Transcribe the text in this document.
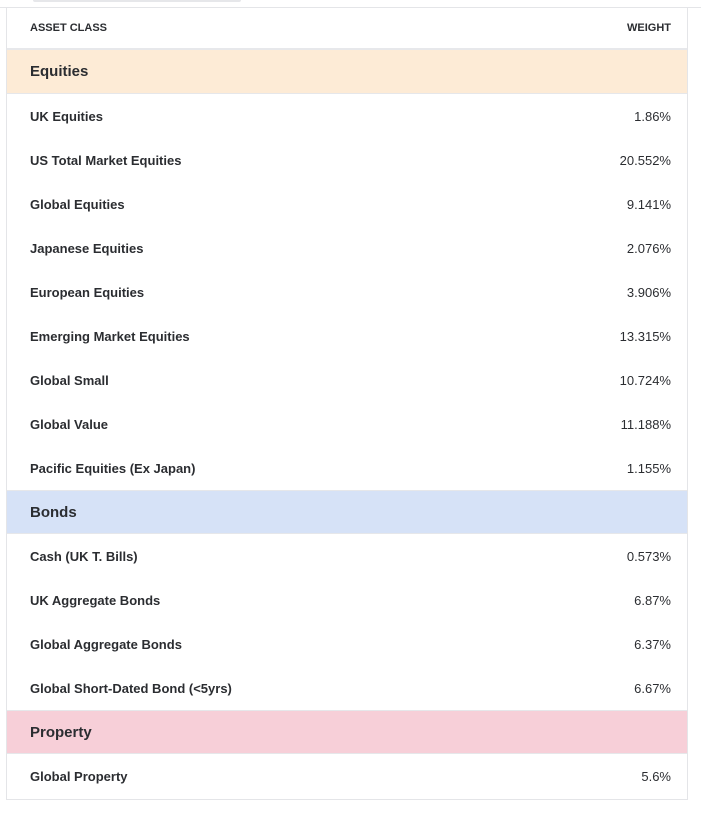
ASSET CLASS	WEIGHT
Equities
UK Equities	1.86%
US Total Market Equities	20.552%
Global Equities	9.141%
Japanese Equities	2.076%
European Equities	3.906%
Emerging Market Equities	13.315%
Global Small	10.724%
Global Value	11.188%
Pacific Equities (Ex Japan)	1.155%
Bonds
Cash (UK T. Bills)	0.573%
UK Aggregate Bonds	6.87%
Global Aggregate Bonds	6.37%
Global Short-Dated Bond (<5yrs)	6.67%
Property
Global Property	5.6%
